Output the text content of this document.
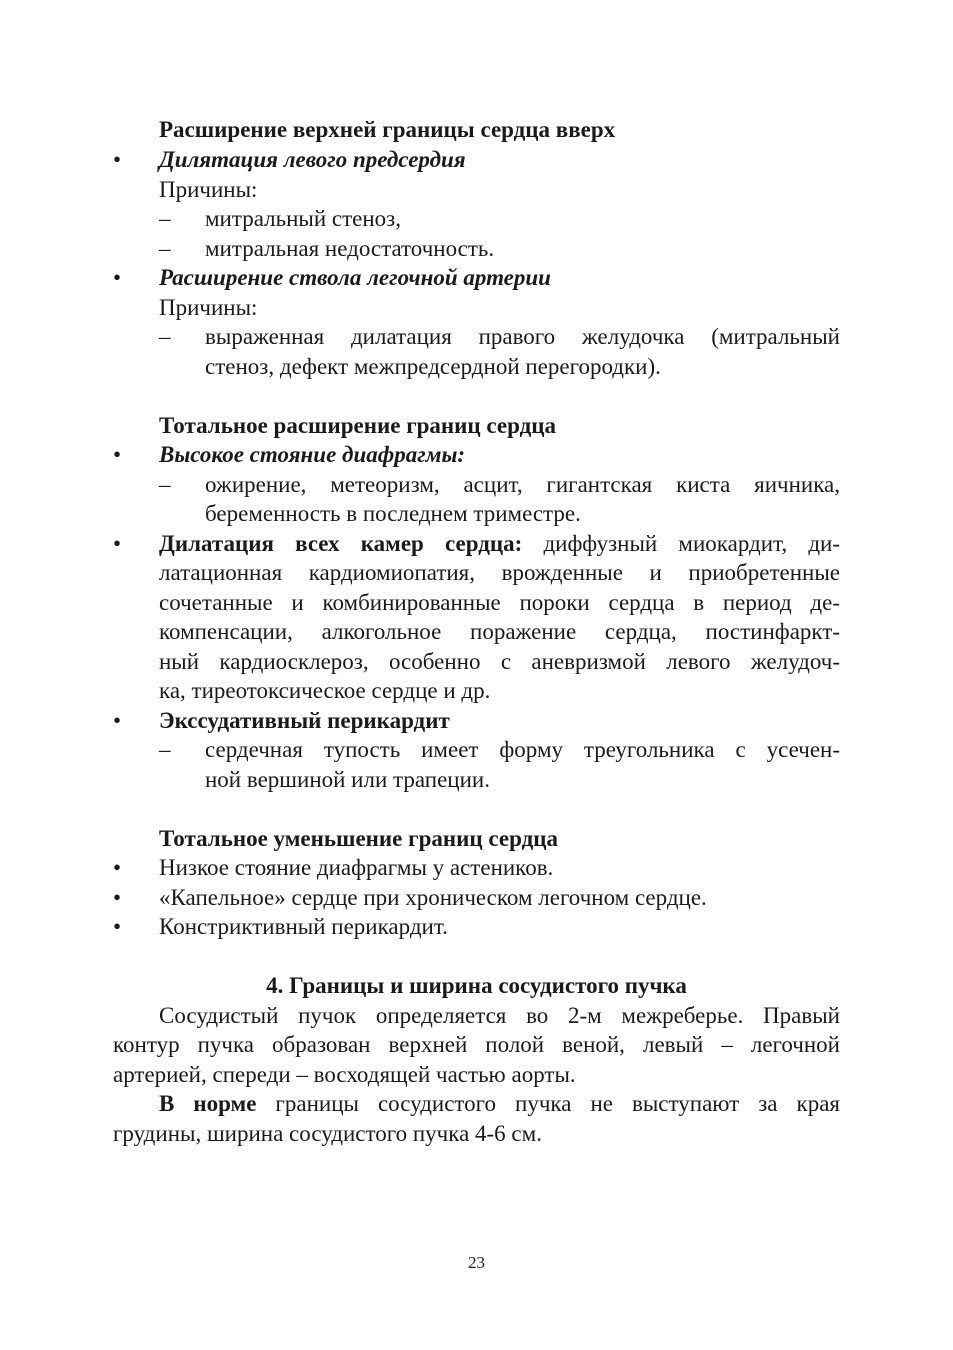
Расширение верхней границы сердца вверх
• Дилятация левого предсердия
Причины:
– митральный стеноз,
– митральная недостаточность.
• Расширение ствола легочной артерии
Причины:
– выраженная дилатация правого желудочка (митральный
стеноз, дефект межпредсердной перегородки).
Тотальное расширение границ сердца
• Высокое стояние диафрагмы:
– ожирение, метеоризм, асцит, гигантская киста яичника,
беременность в последнем триместре.
• Дилатация всех камер сердца: диффузный миокардит, ди-
латационная кардиомиопатия, врожденные и приобретенные
сочетанные и комбинированные пороки сердца в период де-
компенсации, алкогольное поражение сердца, постинфаркт-
ный кардиосклероз, особенно с аневризмой левого желудоч-
ка, тиреотоксическое сердце и др.
• Экссудативный перикардит
– сердечная тупость имеет форму треугольника с усечен-
ной вершиной или трапеции.
Тотальное уменьшение границ сердца
• Низкое стояние диафрагмы у астеников.
• «Капельное» сердце при хроническом легочном сердце.
• Констриктивный перикардит.
4. Границы и ширина сосудистого пучка
Сосудистый пучок определяется во 2-м межреберье. Правый
контур пучка образован верхней полой веной, левый – легочной
артерией, спереди – восходящей частью аорты.
В норме границы сосудистого пучка не выступают за края
грудины, ширина сосудистого пучка 4-6 см.
23
